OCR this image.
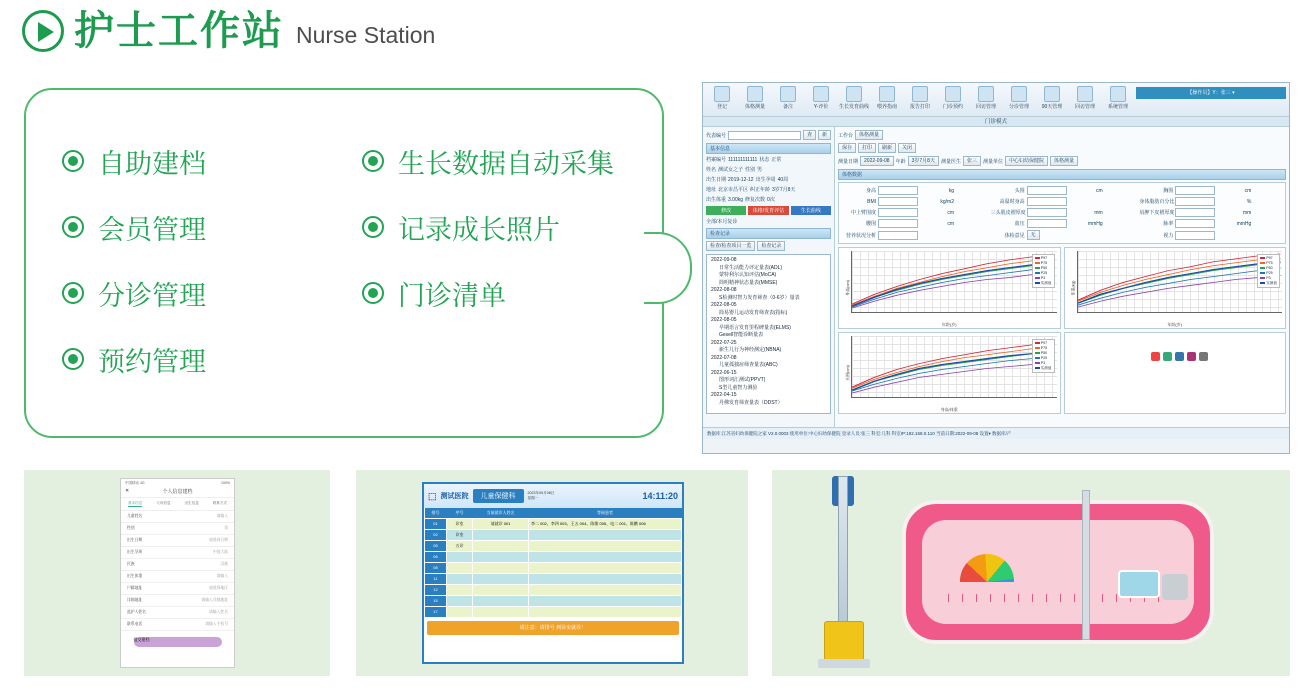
护士工作站 Nurse Station
自助建档	生长数据自动采集
会员管理	记录成长照片
分诊管理	门诊清单
预约管理
登记	体格测量	备注	Y-评价	生长发育曲线	喂养指南	报告打印	门诊预约	回访管理	分诊管理	90天管理	回访管理	系统管理
【操作员】Y：张三 ▾
门诊模式
代表编号	查	新
基本信息
档案编号 111111111111 状态 正常
姓名 测试女之子 性别 男
出生日期 2019-12-12 出生孕周 40周
地址 北京市昌平区 纠正年龄 3岁7月8天
出生体重 3.00kg 修复次数 0次
修改	体格/发育评估	生长曲线
全部/本月复诊
检查记录
检查/检查项目一览	检查记录
2022-09-08
日常生活能力评定量表(ADL)
蒙特利尔认知评估(MoCA)
简明精神状态量表(MMSE)
2022-08-08
S检测时智力发育筛查（0-6岁）量表
2022-08-05
简易婴儿运动发育筛查表(指标)
2022-08-05
早期语言发育里程碑量表(ELMS)
Gesell智能诊断量表
2022-07-25
新生儿行为神经测定(NBNA)
2022-07-08
儿童孤独症筛查量表(ABC)
2022-06-15
图形词汇测试(PPVT)
S型儿童智力测验
2022-04-15
丹佛发育筛查量表（DDST）
工作台	体格测量
保存	打印	刷新	关闭
测量日期	2022-09-08	年龄	3岁7月8天	测量医生	张三	测量单位	中心妇幼保健院	体格测量
体格数据
身高	kg	头围	cm	胸围	cm
BMI	kg/m2	高温时身高	身体脂肪百分比	%
中上臂围度	cm	三头肌皮褶厚度	mm	肩胛下皮褶厚度	mm
腰围	cm	血压	mmHg	脉率	mmHg
营养状况分析	体检意见	无	视力
身高(cm)
P97
P75
P50
P25
P3
实测值
年龄(岁)
体重(kg)
P97
P75
P50
P25
P3
实测值
年龄(岁)
头围(cm)
P97
P75
P50
P25
P3
实测值
身高/体重
数据库:江苏省妇幼保健院之家 V2.0.0003 使用单位:中心妇幼保健院 登录人员:张三 科室:儿科 科室IP:192.168.0.110 当前日期:2022-09-08 设置▾ 数据库/产
中国移动 4G	100%
✕	个人信息建档
基本信息	父母信息	出生信息	联系方式
儿童姓名	请输入
性别	男
出生日期	请选择日期
出生孕周	中国大陆
民族	汉族
出生体重	请输入
户籍地址	请选择地区
详细地址	请输入详细地址
监护人姓名	请输入姓名
联系电话	请输入手机号
提交建档
⬚ 测试医院	儿童保健科	2023年09月08日
星期一	14:11:20
排号	序号	当前就诊人姓名	等候患者
01	诊室	请就诊 001	李二 002、李四 003、王五 004、陈敏 005、电二 001、陈鹏 006
02	诊室		
05	五诊		
06			
08			
11			
12			
15			
17			
请注意：请排号 到诊室就诊！
